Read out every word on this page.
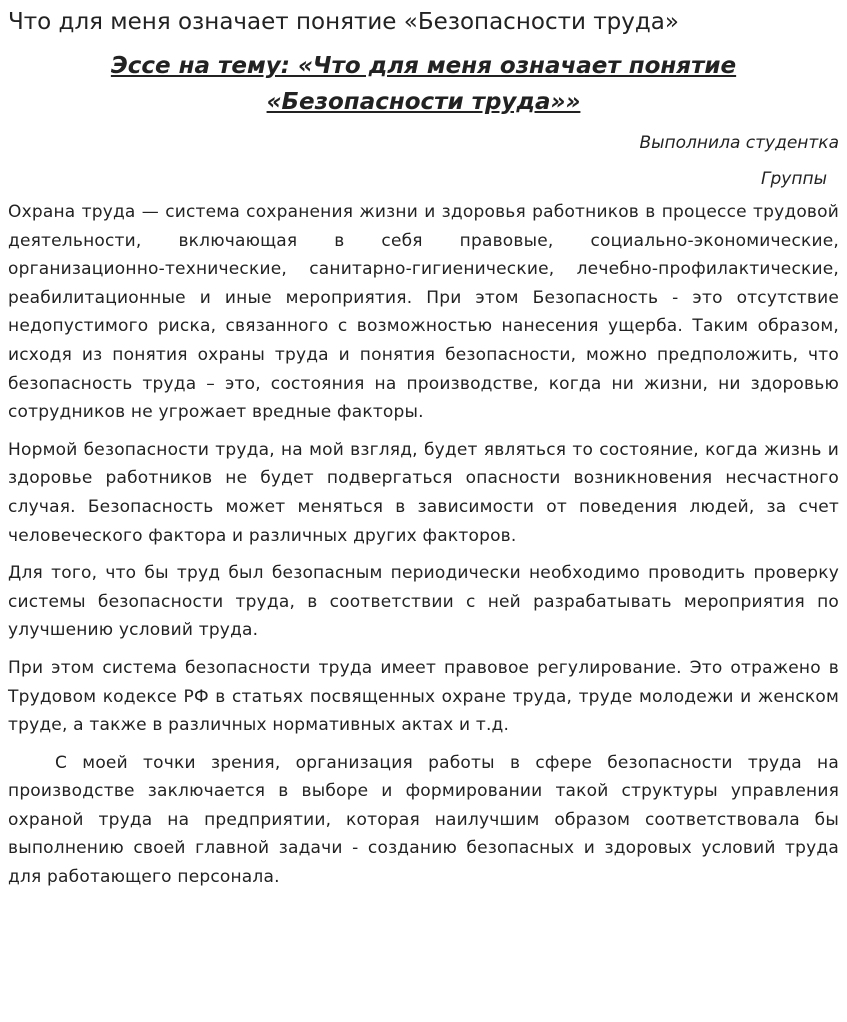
Что для меня означает понятие «Безопасности труда»
Эссе на тему: «Что для меня означает понятие «Безопасности труда»»
Выполнила студентка
Группы

Охрана труда — система сохранения жизни и здоровья работников в процессе трудовой деятельности, включающая в себя правовые, социально-экономические, организационно-технические, санитарно-гигиенические, лечебно-профилактические, реабилитационные и иные мероприятия. При этом Безопасность - это отсутствие недопустимого риска, связанного с возможностью нанесения ущерба. Таким образом, исходя из понятия охраны труда и понятия безопасности, можно предположить, что безопасность труда – это, состояния на производстве, когда ни жизни, ни здоровью сотрудников не угрожает вредные факторы.

Нормой безопасности труда, на мой взгляд, будет являться то состояние, когда жизнь и здоровье работников не будет подвергаться опасности возникновения несчастного случая. Безопасность может меняться в зависимости от поведения людей, за счет человеческого фактора и различных других факторов.

Для того, что бы труд был безопасным периодически необходимо проводить проверку системы безопасности труда, в соответствии с ней разрабатывать мероприятия по улучшению условий труда.

При этом система безопасности труда имеет правовое регулирование. Это отражено в Трудовом кодексе РФ в статьях посвященных охране труда, труде молодежи и женском труде, а также в различных нормативных актах и т.д.

С моей точки зрения, организация работы в сфере безопасности труда на производстве заключается в выборе и формировании такой структуры управления охраной труда на предприятии, которая наилучшим образом соответствовала бы выполнению своей главной задачи - созданию безопасных и здоровых условий труда для работающего персонала.
